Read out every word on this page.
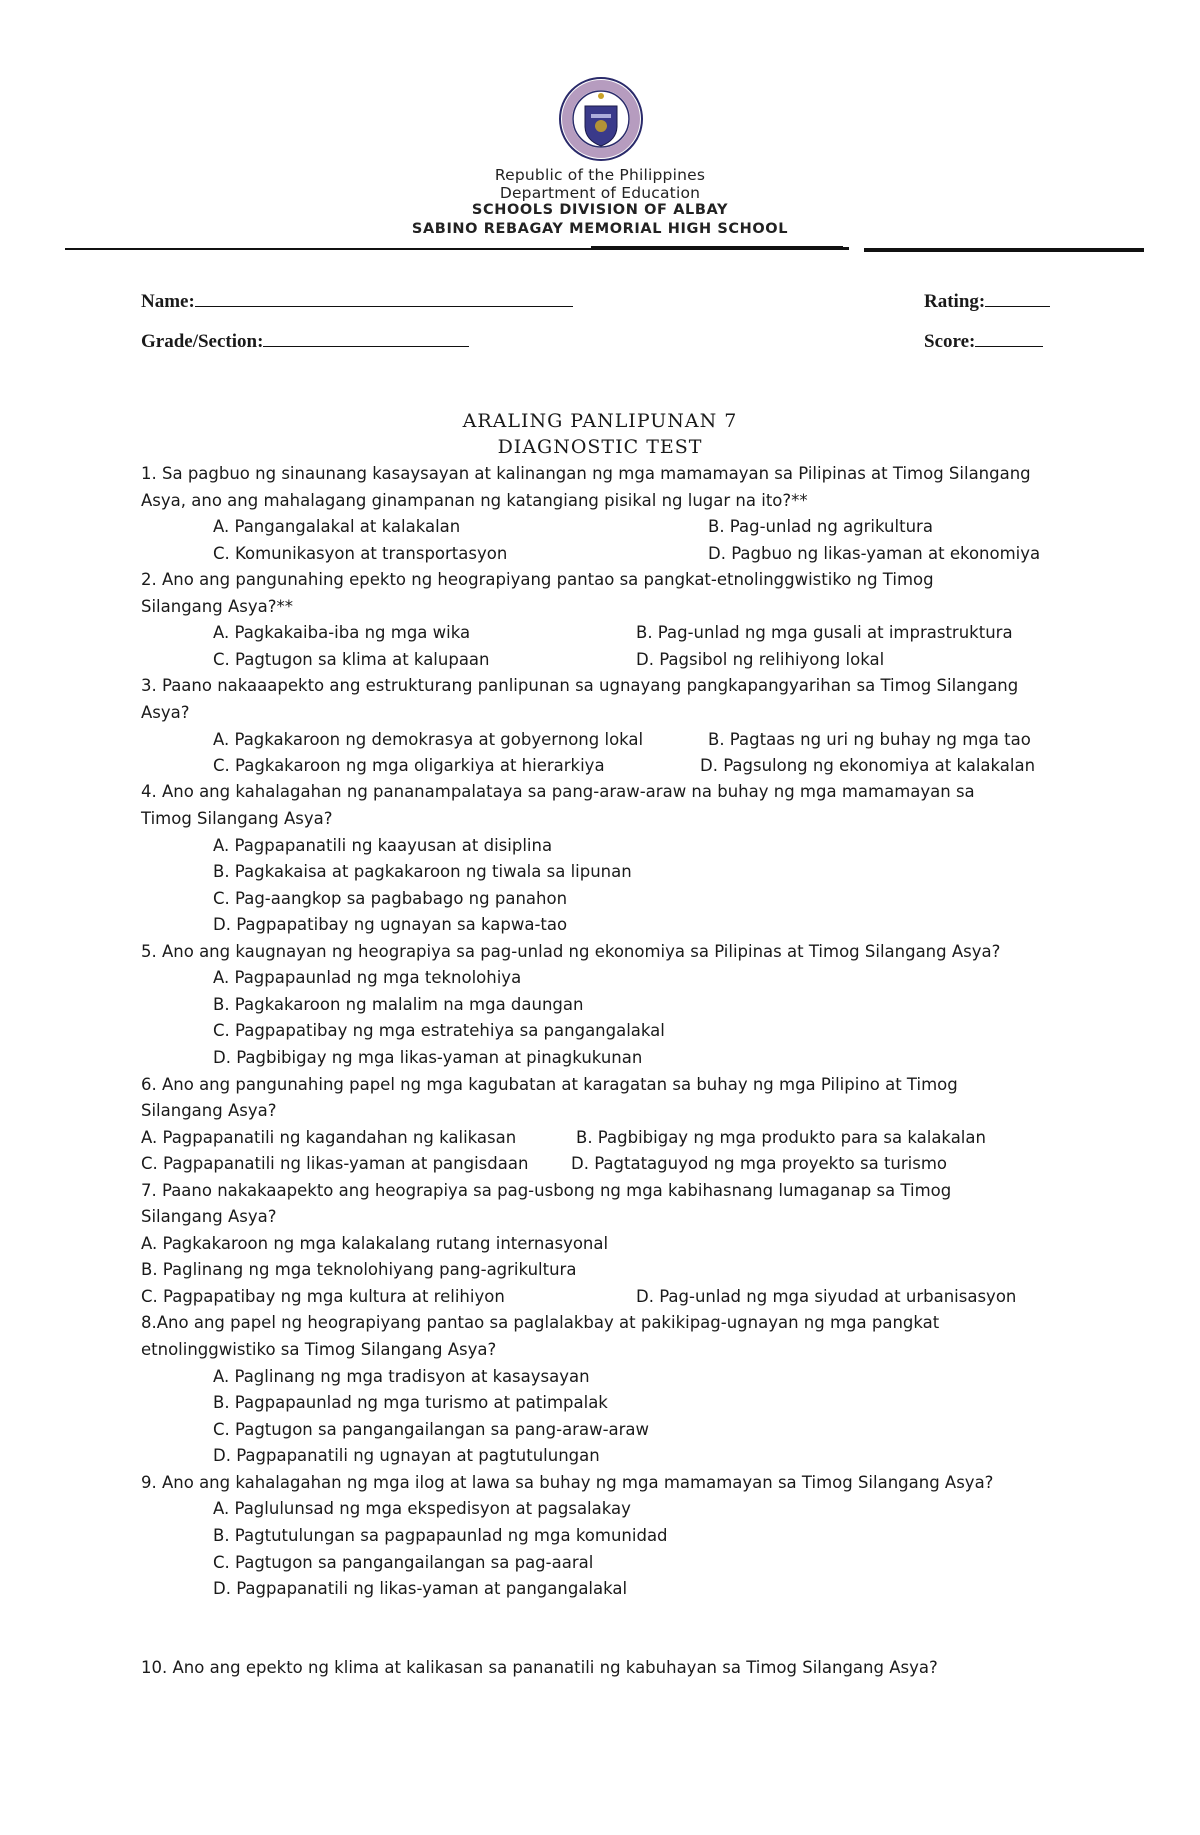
Republic of the Philippines
Department of Education
SCHOOLS DIVISION OF ALBAY
SABINO REBAGAY MEMORIAL HIGH SCHOOL
Name:	Rating:
Grade/Section:	Score:
ARALING PANLIPUNAN 7
DIAGNOSTIC TEST
1. Sa pagbuo ng sinaunang kasaysayan at kalinangan ng mga mamamayan sa Pilipinas at Timog Silangang
Asya, ano ang mahalagang ginampanan ng katangiang pisikal ng lugar na ito?**
A. Pangangalakal at kalakalan	B. Pag-unlad ng agrikultura
C. Komunikasyon at transportasyon	D. Pagbuo ng likas-yaman at ekonomiya
2. Ano ang pangunahing epekto ng heograpiyang pantao sa pangkat-etnolinggwistiko ng Timog
Silangang Asya?**
A. Pagkakaiba-iba ng mga wika	B. Pag-unlad ng mga gusali at imprastruktura
C. Pagtugon sa klima at kalupaan	D. Pagsibol ng relihiyong lokal
3. Paano nakaaapekto ang estrukturang panlipunan sa ugnayang pangkapangyarihan sa Timog Silangang
Asya?
A. Pagkakaroon ng demokrasya at gobyernong lokal	B. Pagtaas ng uri ng buhay ng mga tao
C. Pagkakaroon ng mga oligarkiya at hierarkiya	D. Pagsulong ng ekonomiya at kalakalan
4. Ano ang kahalagahan ng pananampalataya sa pang-araw-araw na buhay ng mga mamamayan sa
Timog Silangang Asya?
A. Pagpapanatili ng kaayusan at disiplina
B. Pagkakaisa at pagkakaroon ng tiwala sa lipunan
C. Pag-aangkop sa pagbabago ng panahon
D. Pagpapatibay ng ugnayan sa kapwa-tao
5. Ano ang kaugnayan ng heograpiya sa pag-unlad ng ekonomiya sa Pilipinas at Timog Silangang Asya?
A. Pagpapaunlad ng mga teknolohiya
B. Pagkakaroon ng malalim na mga daungan
C. Pagpapatibay ng mga estratehiya sa pangangalakal
D. Pagbibigay ng mga likas-yaman at pinagkukunan
6. Ano ang pangunahing papel ng mga kagubatan at karagatan sa buhay ng mga Pilipino at Timog
Silangang Asya?
A. Pagpapanatili ng kagandahan ng kalikasan	B. Pagbibigay ng mga produkto para sa kalakalan
C. Pagpapanatili ng likas-yaman at pangisdaan	D. Pagtataguyod ng mga proyekto sa turismo
7. Paano nakakaapekto ang heograpiya sa pag-usbong ng mga kabihasnang lumaganap sa Timog
Silangang Asya?
A. Pagkakaroon ng mga kalakalang rutang internasyonal
B. Paglinang ng mga teknolohiyang pang-agrikultura
C. Pagpapatibay ng mga kultura at relihiyon	D. Pag-unlad ng mga siyudad at urbanisasyon
8.Ano ang papel ng heograpiyang pantao sa paglalakbay at pakikipag-ugnayan ng mga pangkat
etnolinggwistiko sa Timog Silangang Asya?
A. Paglinang ng mga tradisyon at kasaysayan
B. Pagpapaunlad ng mga turismo at patimpalak
C. Pagtugon sa pangangailangan sa pang-araw-araw
D. Pagpapanatili ng ugnayan at pagtutulungan
9. Ano ang kahalagahan ng mga ilog at lawa sa buhay ng mga mamamayan sa Timog Silangang Asya?
A. Paglulunsad ng mga ekspedisyon at pagsalakay
B. Pagtutulungan sa pagpapaunlad ng mga komunidad
C. Pagtugon sa pangangailangan sa pag-aaral
D. Pagpapanatili ng likas-yaman at pangangalakal
10. Ano ang epekto ng klima at kalikasan sa pananatili ng kabuhayan sa Timog Silangang Asya?
